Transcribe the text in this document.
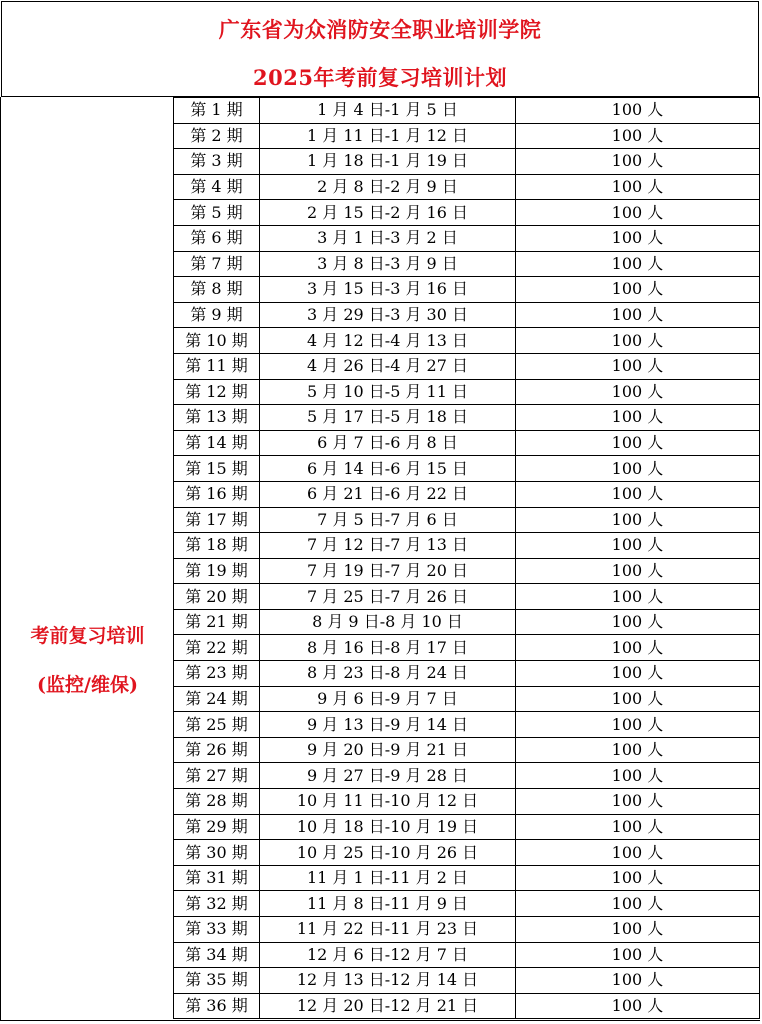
广东省为众消防安全职业培训学院
2025年考前复习培训计划
考前复习培训
(监控/维保)
第 1 期	1 月 4 日-1 月 5 日	100 人
第 2 期	1 月 11 日-1 月 12 日	100 人
第 3 期	1 月 18 日-1 月 19 日	100 人
第 4 期	2 月 8 日-2 月 9 日	100 人
第 5 期	2 月 15 日-2 月 16 日	100 人
第 6 期	3 月 1 日-3 月 2 日	100 人
第 7 期	3 月 8 日-3 月 9 日	100 人
第 8 期	3 月 15 日-3 月 16 日	100 人
第 9 期	3 月 29 日-3 月 30 日	100 人
第 10 期	4 月 12 日-4 月 13 日	100 人
第 11 期	4 月 26 日-4 月 27 日	100 人
第 12 期	5 月 10 日-5 月 11 日	100 人
第 13 期	5 月 17 日-5 月 18 日	100 人
第 14 期	6 月 7 日-6 月 8 日	100 人
第 15 期	6 月 14 日-6 月 15 日	100 人
第 16 期	6 月 21 日-6 月 22 日	100 人
第 17 期	7 月 5 日-7 月 6 日	100 人
第 18 期	7 月 12 日-7 月 13 日	100 人
第 19 期	7 月 19 日-7 月 20 日	100 人
第 20 期	7 月 25 日-7 月 26 日	100 人
第 21 期	8 月 9 日-8 月 10 日	100 人
第 22 期	8 月 16 日-8 月 17 日	100 人
第 23 期	8 月 23 日-8 月 24 日	100 人
第 24 期	9 月 6 日-9 月 7 日	100 人
第 25 期	9 月 13 日-9 月 14 日	100 人
第 26 期	9 月 20 日-9 月 21 日	100 人
第 27 期	9 月 27 日-9 月 28 日	100 人
第 28 期	10 月 11 日-10 月 12 日	100 人
第 29 期	10 月 18 日-10 月 19 日	100 人
第 30 期	10 月 25 日-10 月 26 日	100 人
第 31 期	11 月 1 日-11 月 2 日	100 人
第 32 期	11 月 8 日-11 月 9 日	100 人
第 33 期	11 月 22 日-11 月 23 日	100 人
第 34 期	12 月 6 日-12 月 7 日	100 人
第 35 期	12 月 13 日-12 月 14 日	100 人
第 36 期	12 月 20 日-12 月 21 日	100 人
